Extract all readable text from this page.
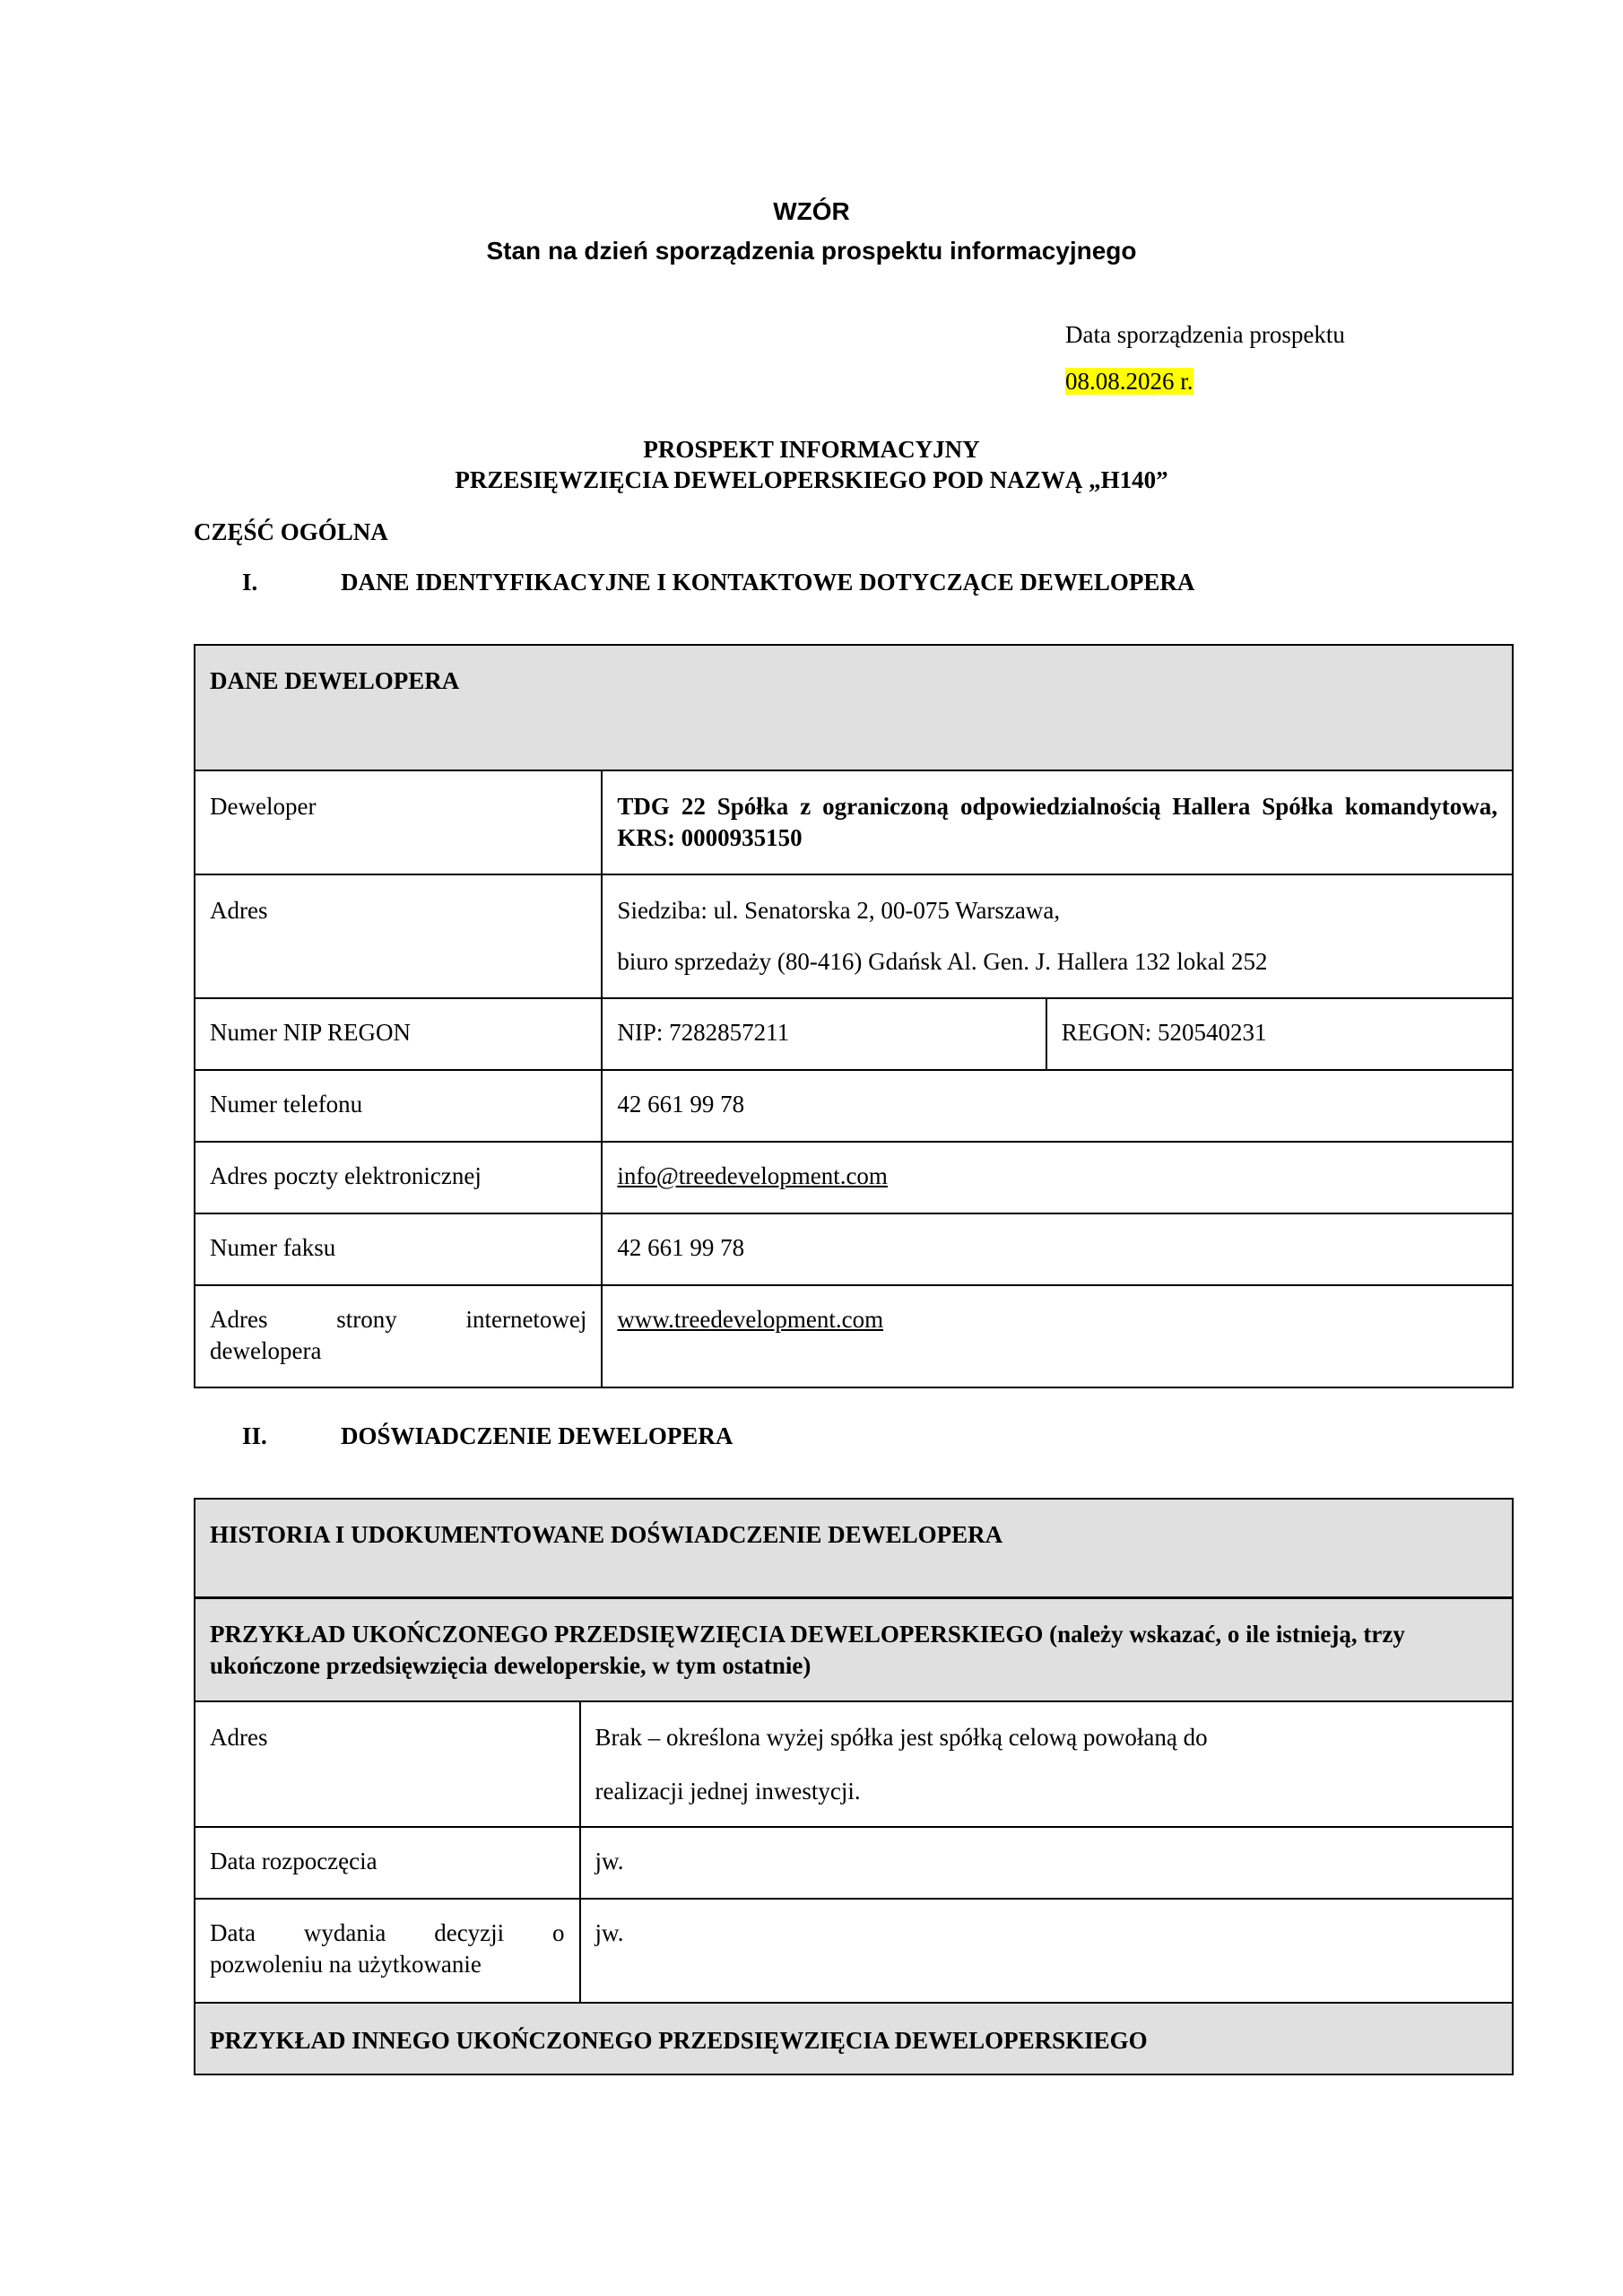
WZÓR
Stan na dzień sporządzenia prospektu informacyjnego
Data sporządzenia prospektu
08.08.2026 r.
PROSPEKT INFORMACYJNY
PRZESIĘWZIĘCIA DEWELOPERSKIEGO POD NAZWĄ „H140”
CZĘŚĆ OGÓLNA
I.	DANE IDENTYFIKACYJNE I KONTAKTOWE DOTYCZĄCE DEWELOPERA
DANE DEWELOPERA		
Deweloper	TDG 22 Spółka z ograniczoną odpowiedzialnością Hallera Spółka komandytowa, KRS: 0000935150	
Adres	Siedziba: ul. Senatorska 2, 00-075 Warszawa,
biuro sprzedaży (80-416) Gdańsk Al. Gen. J. Hallera 132 lokal 252	

Numer NIP REGON	NIP: 7282857211	REGON: 520540231
Numer telefonu	42 661 99 78	
Adres poczty elektronicznej	info@treedevelopment.com	
Numer faksu	42 661 99 78	

Adres strony internetowej
dewelopera	www.treedevelopment.com	
II.	DOŚWIADCZENIE DEWELOPERA
HISTORIA I UDOKUMENTOWANE DOŚWIADCZENIE DEWELOPERA	
PRZYKŁAD UKOŃCZONEGO PRZEDSIĘWZIĘCIA DEWELOPERSKIEGO (należy wskazać, o ile istnieją, trzy ukończone przedsięwzięcia deweloperskie, w tym ostatnie)	
Adres	Brak – określona wyżej spółka jest spółką celową powołaną do
realizacji jednej inwestycji.

Data rozpoczęcia	jw.

Data wydania decyzji o
pozwoleniu na użytkowanie	jw.
PRZYKŁAD INNEGO UKOŃCZONEGO PRZEDSIĘWZIĘCIA DEWELOPERSKIEGO	
